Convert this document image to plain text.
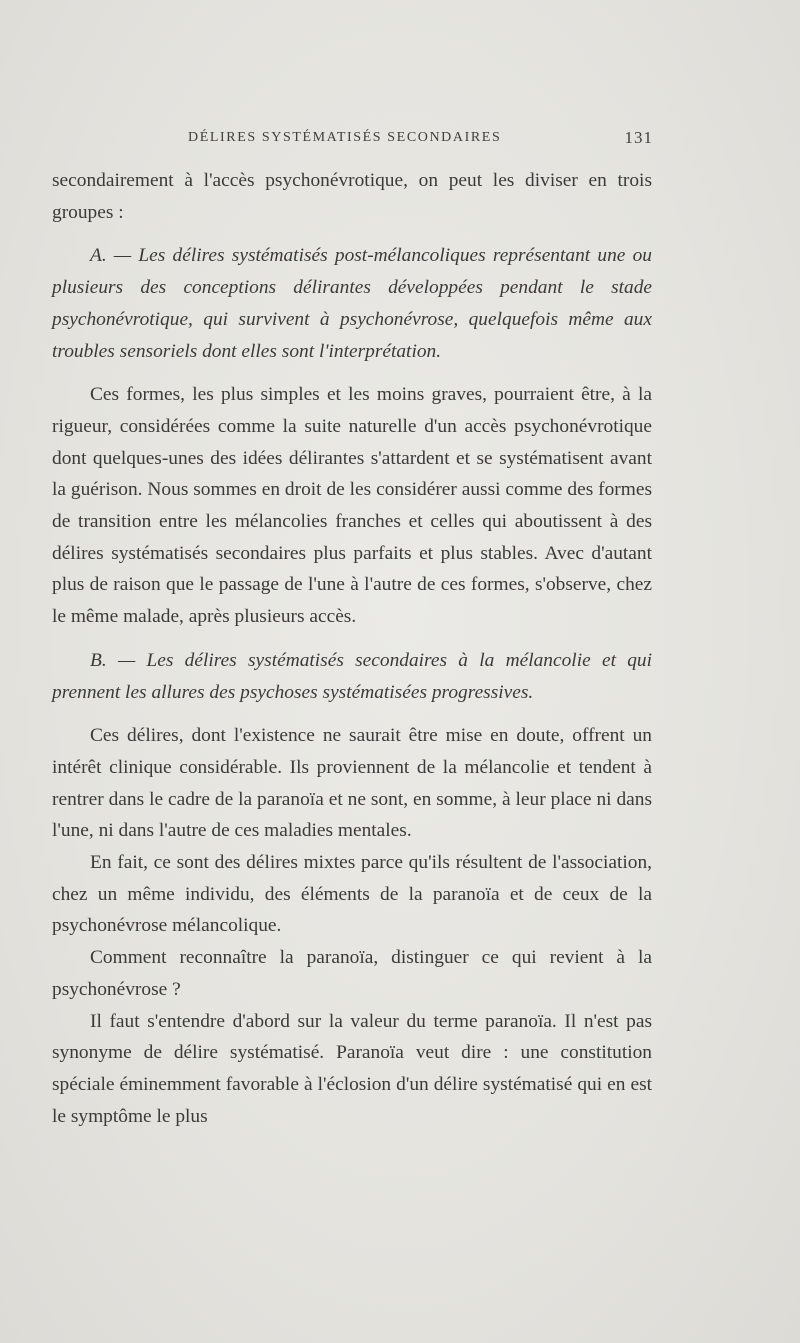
DÉLIRES SYSTÉMATISÉS SECONDAIRES	131

secondairement à l'accès psychonévrotique, on peut les diviser en trois groupes :

A. — Les délires systématisés post-mélancoliques représentant une ou plusieurs des conceptions délirantes développées pendant le stade psychonévrotique, qui survivent à psychonévrose, quelquefois même aux troubles sensoriels dont elles sont l'interprétation.

Ces formes, les plus simples et les moins graves, pourraient être, à la rigueur, considérées comme la suite naturelle d'un accès psychonévrotique dont quelques-unes des idées délirantes s'attardent et se systématisent avant la guérison. Nous sommes en droit de les considérer aussi comme des formes de transition entre les mélancolies franches et celles qui aboutissent à des délires systématisés secondaires plus parfaits et plus stables. Avec d'autant plus de raison que le passage de l'une à l'autre de ces formes, s'observe, chez le même malade, après plusieurs accès.

B. — Les délires systématisés secondaires à la mélancolie et qui prennent les allures des psychoses systématisées progressives.

Ces délires, dont l'existence ne saurait être mise en doute, offrent un intérêt clinique considérable. Ils proviennent de la mélancolie et tendent à rentrer dans le cadre de la paranoïa et ne sont, en somme, à leur place ni dans l'une, ni dans l'autre de ces maladies mentales.

En fait, ce sont des délires mixtes parce qu'ils résultent de l'association, chez un même individu, des éléments de la paranoïa et de ceux de la psychonévrose mélancolique.

Comment reconnaître la paranoïa, distinguer ce qui revient à la psychonévrose ?

Il faut s'entendre d'abord sur la valeur du terme paranoïa. Il n'est pas synonyme de délire systématisé. Paranoïa veut dire : une constitution spéciale éminemment favorable à l'éclosion d'un délire systématisé qui en est le symptôme le plus
